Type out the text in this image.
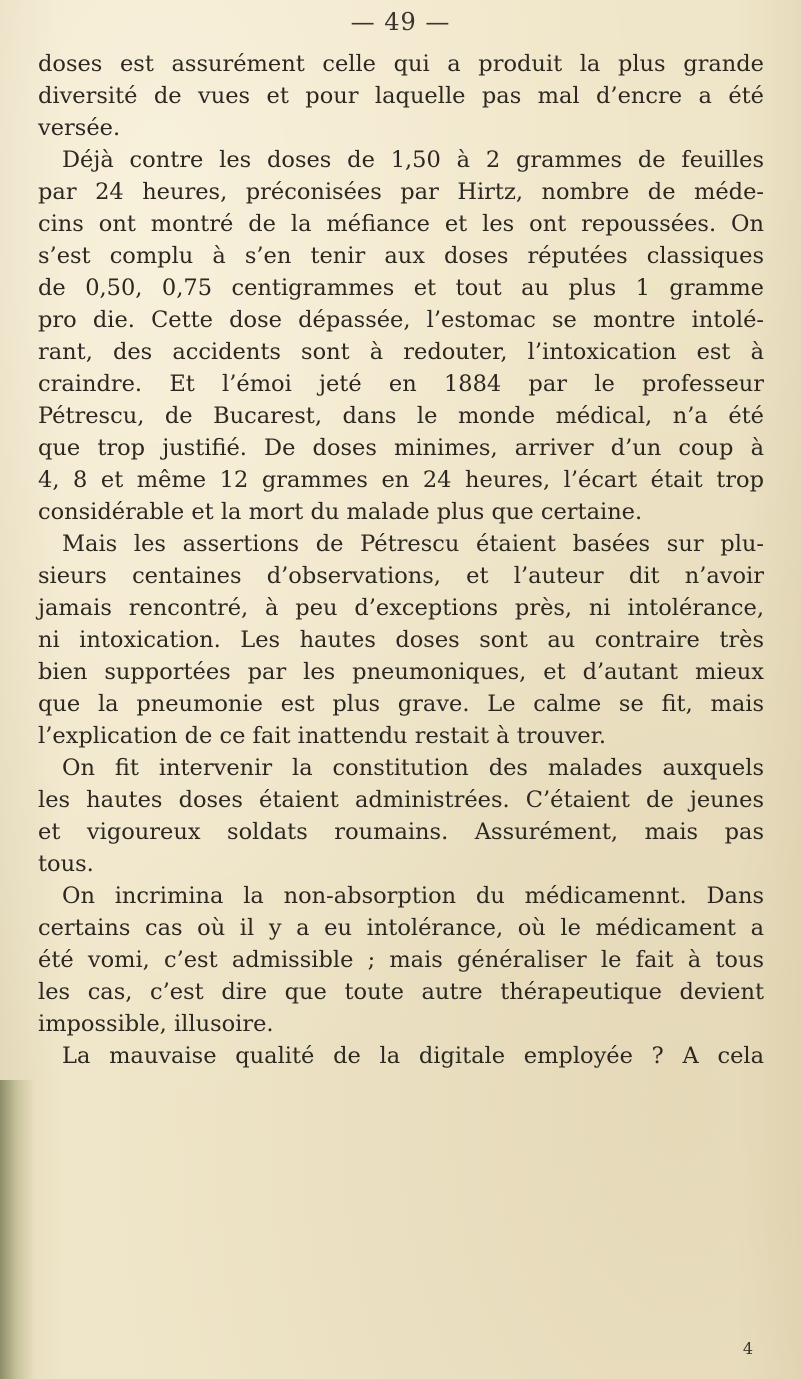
— 49 —
doses est assurément celle qui a produit la plus grande
diversité de vues et pour laquelle pas mal d’encre a été
versée.
Déjà contre les doses de 1,50 à 2 grammes de feuilles
par 24 heures, préconisées par Hirtz, nombre de méde-
cins ont montré de la méfiance et les ont repoussées. On
s’est complu à s’en tenir aux doses réputées classiques
de 0,50, 0,75 centigrammes et tout au plus 1 gramme
pro die. Cette dose dépassée, l’estomac se montre intolé-
rant, des accidents sont à redouter, l’intoxication est à
craindre. Et l’émoi jeté en 1884 par le professeur
Pétrescu, de Bucarest, dans le monde médical, n’a été
que trop justifié. De doses minimes, arriver d’un coup à
4, 8 et même 12 grammes en 24 heures, l’écart était trop
considérable et la mort du malade plus que certaine.
Mais les assertions de Pétrescu étaient basées sur plu-
sieurs centaines d’observations, et l’auteur dit n’avoir
jamais rencontré, à peu d’exceptions près, ni intolérance,
ni intoxication. Les hautes doses sont au contraire très
bien supportées par les pneumoniques, et d’autant mieux
que la pneumonie est plus grave. Le calme se fit, mais
l’explication de ce fait inattendu restait à trouver.
On fit intervenir la constitution des malades auxquels
les hautes doses étaient administrées. C’étaient de jeunes
et vigoureux soldats roumains. Assurément, mais pas
tous.
On incrimina la non-absorption du médicamennt. Dans
certains cas où il y a eu intolérance, où le médicament a
été vomi, c’est admissible ; mais généraliser le fait à tous
les cas, c’est dire que toute autre thérapeutique devient
impossible, illusoire.
La mauvaise qualité de la digitale employée ? A cela
4
